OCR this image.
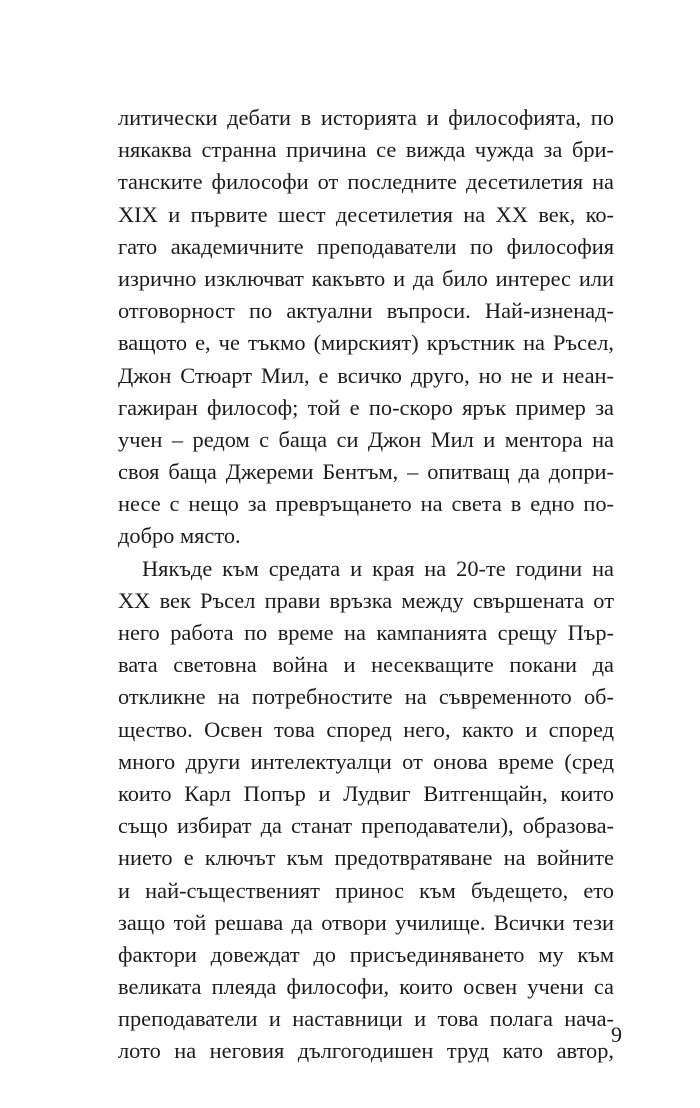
литически дебати в историята и философията, по
някаква странна причина се вижда чужда за бри-
танските философи от последните десетилетия на
XIX и първите шест десетилетия на XX век, ко-
гато академичните преподаватели по философия
изрично изключват какъвто и да било интерес или
отговорност по актуални въпроси. Най-изненад-
ващото е, че тъкмо (мирският) кръстник на Ръсел,
Джон Стюарт Мил, е всичко друго, но не и неан-
гажиран философ; той е по-скоро ярък пример за
учен – редом с баща си Джон Мил и ментора на
своя баща Джереми Бентъм, – опитващ да допри-
несе с нещо за превръщането на света в едно по-
добро място.
Някъде към средата и края на 20-те години на
XX век Ръсел прави връзка между свършената от
него работа по време на кампанията срещу Пър-
вата световна война и несекващите покани да
откликне на потребностите на съвременното об-
щество. Освен това според него, както и според
много други интелектуалци от онова време (сред
които Карл Попър и Лудвиг Витгенщайн, които
също избират да станат преподаватели), образова-
нието е ключът към предотвратяване на войните
и най-същественият принос към бъдещето, ето
защо той решава да отвори училище. Всички тези
фактори довеждат до присъединяването му към
великата плеяда философи, които освен учени са
преподаватели и наставници и това полага нача-
лото на неговия дългогодишен труд като автор,
9
